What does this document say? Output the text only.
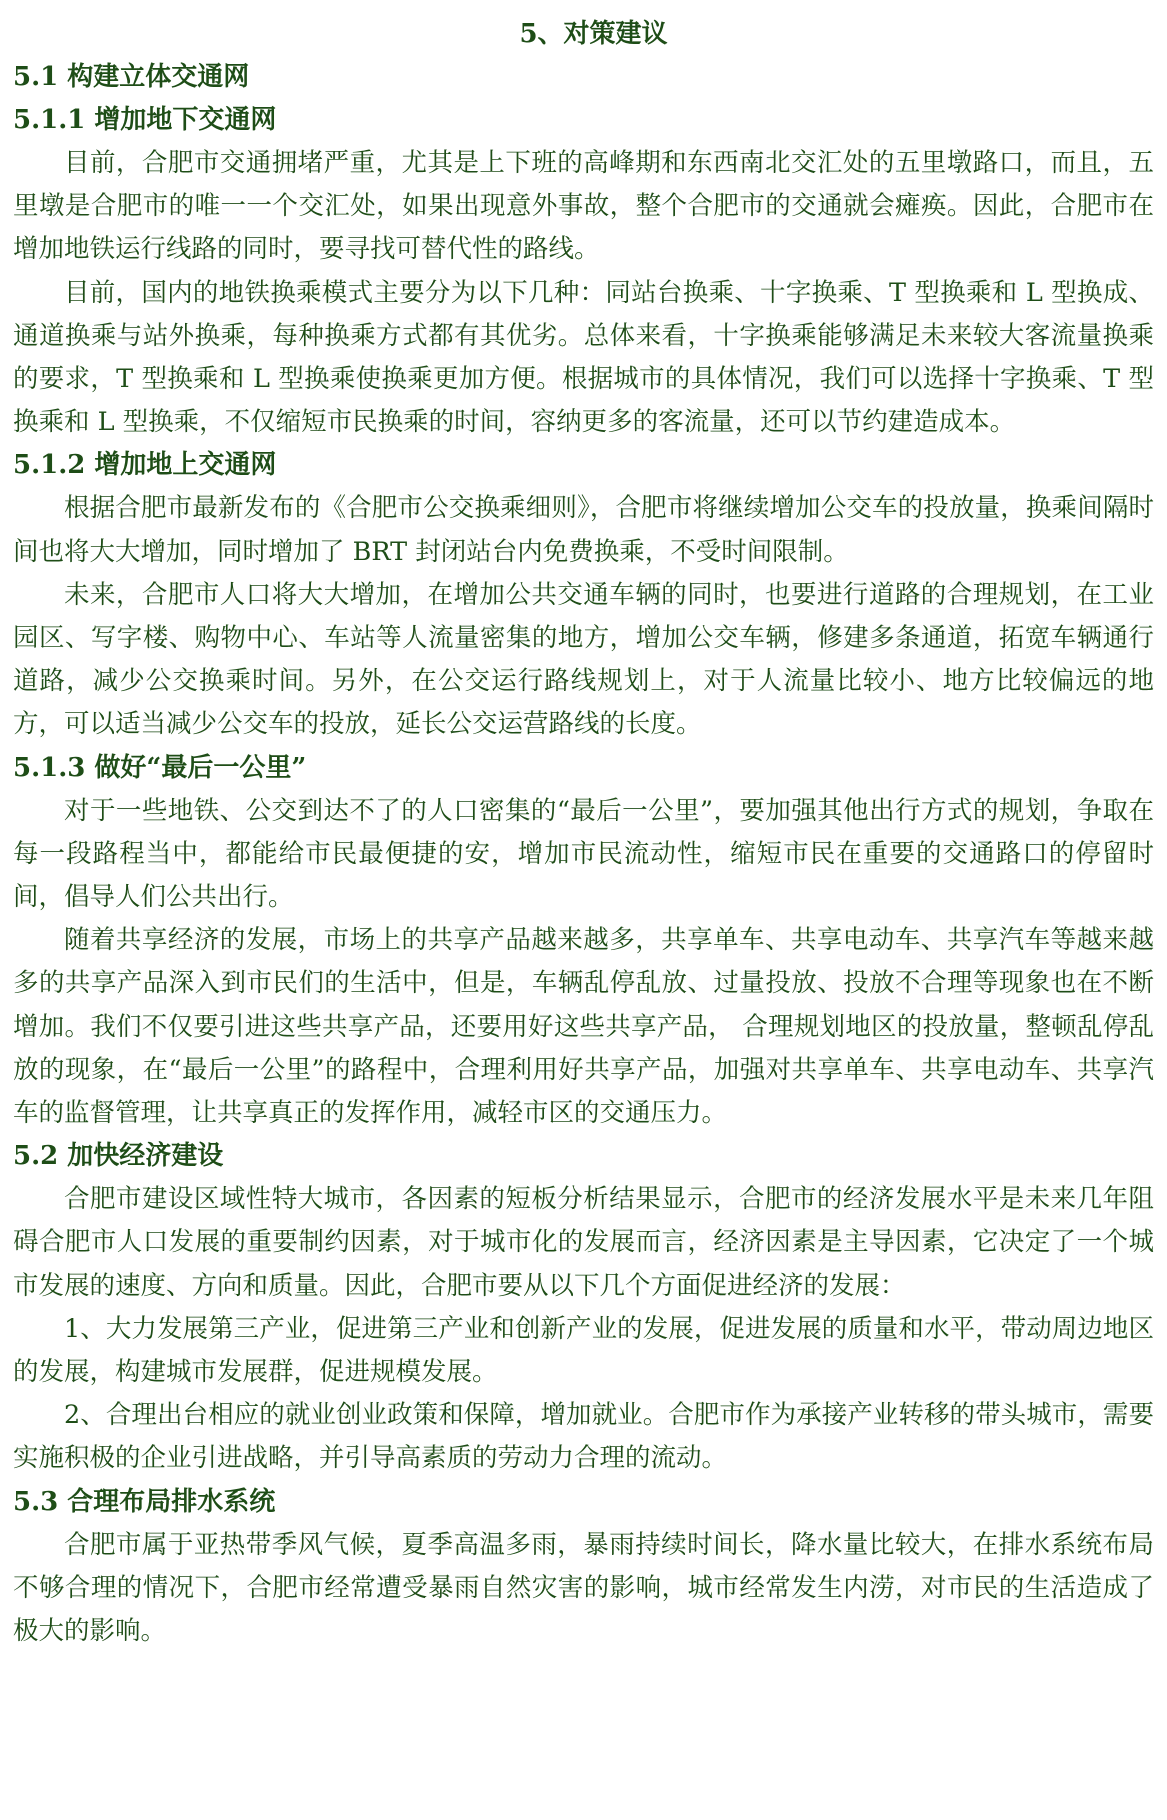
5、对策建议
5.1 构建立体交通网
5.1.1 增加地下交通网

目前，合肥市交通拥堵严重，尤其是上下班的高峰期和东西南北交汇处的五里墩路口，而且，五里墩是合肥市的唯一一个交汇处，如果出现意外事故，整个合肥市的交通就会瘫痪。因此，合肥市在增加地铁运行线路的同时，要寻找可替代性的路线。

目前，国内的地铁换乘模式主要分为以下几种：同站台换乘、十字换乘、T 型换乘和 L 型换成、通道换乘与站外换乘，每种换乘方式都有其优劣。总体来看，十字换乘能够满足未来较大客流量换乘的要求，T 型换乘和 L 型换乘使换乘更加方便。根据城市的具体情况，我们可以选择十字换乘、T 型换乘和 L 型换乘，不仅缩短市民换乘的时间，容纳更多的客流量，还可以节约建造成本。

5.1.2 增加地上交通网

根据合肥市最新发布的《合肥市公交换乘细则》，合肥市将继续增加公交车的投放量，换乘间隔时间也将大大增加，同时增加了 BRT 封闭站台内免费换乘，不受时间限制。

未来，合肥市人口将大大增加，在增加公共交通车辆的同时，也要进行道路的合理规划，在工业园区、写字楼、购物中心、车站等人流量密集的地方，增加公交车辆，修建多条通道，拓宽车辆通行道路，减少公交换乘时间。另外，在公交运行路线规划上，对于人流量比较小、地方比较偏远的地方，可以适当减少公交车的投放，延长公交运营路线的长度。

5.1.3 做好“最后一公里”

对于一些地铁、公交到达不了的人口密集的“最后一公里”，要加强其他出行方式的规划，争取在每一段路程当中，都能给市民最便捷的安，增加市民流动性，缩短市民在重要的交通路口的停留时间，倡导人们公共出行。

随着共享经济的发展，市场上的共享产品越来越多，共享单车、共享电动车、共享汽车等越来越多的共享产品深入到市民们的生活中，但是，车辆乱停乱放、过量投放、投放不合理等现象也在不断增加。我们不仅要引进这些共享产品，还要用好这些共享产品， 合理规划地区的投放量，整顿乱停乱放的现象，在“最后一公里”的路程中，合理利用好共享产品，加强对共享单车、共享电动车、共享汽车的监督管理，让共享真正的发挥作用，减轻市区的交通压力。

5.2 加快经济建设

合肥市建设区域性特大城市，各因素的短板分析结果显示，合肥市的经济发展水平是未来几年阻碍合肥市人口发展的重要制约因素，对于城市化的发展而言，经济因素是主导因素，它决定了一个城市发展的速度、方向和质量。因此，合肥市要从以下几个方面促进经济的发展：

1、大力发展第三产业，促进第三产业和创新产业的发展，促进发展的质量和水平，带动周边地区的发展，构建城市发展群，促进规模发展。

2、合理出台相应的就业创业政策和保障，增加就业。合肥市作为承接产业转移的带头城市，需要实施积极的企业引进战略，并引导高素质的劳动力合理的流动。

5.3 合理布局排水系统

合肥市属于亚热带季风气候，夏季高温多雨，暴雨持续时间长，降水量比较大，在排水系统布局不够合理的情况下，合肥市经常遭受暴雨自然灾害的影响，城市经常发生内涝，对市民的生活造成了极大的影响。
